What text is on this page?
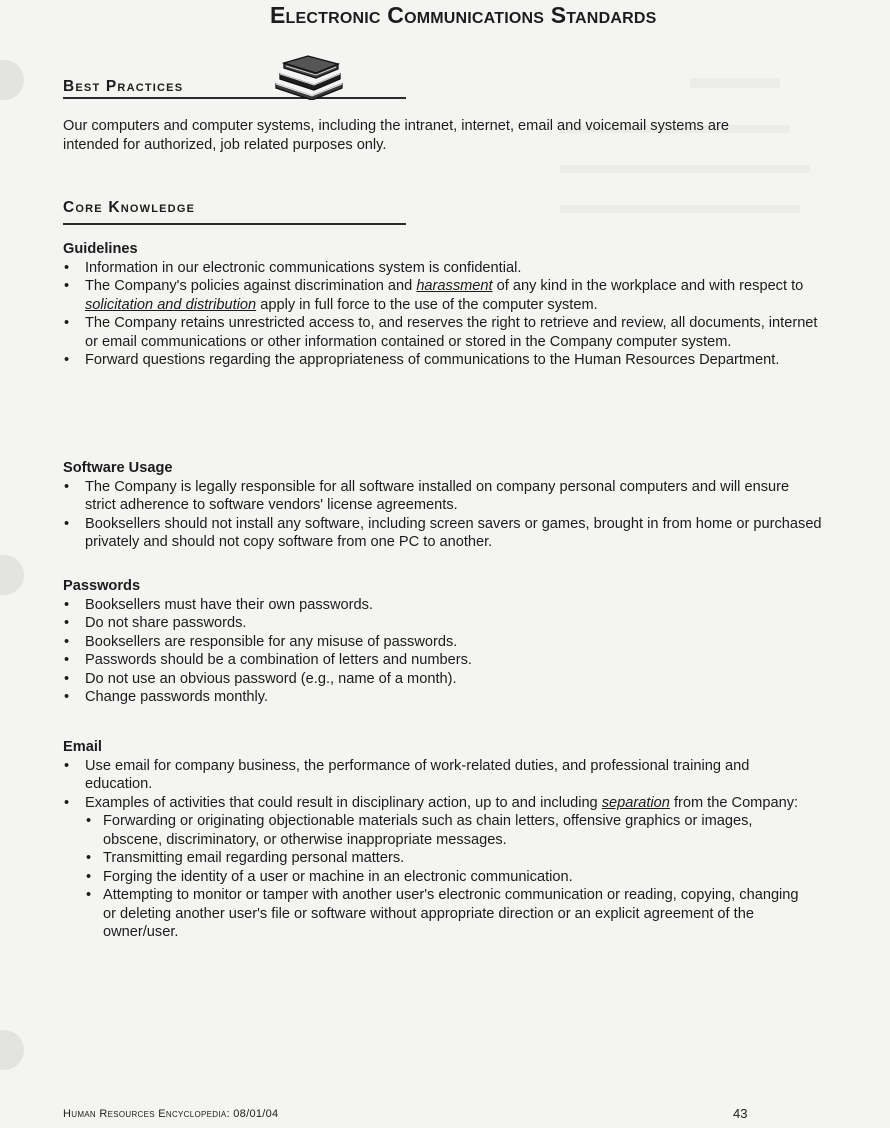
Electronic Communications Standards
Best Practices
Our computers and computer systems, including the intranet, internet, email and voicemail systems are intended for authorized, job related purposes only.
Core Knowledge
Guidelines
• Information in our electronic communications system is confidential.
• The Company's policies against discrimination and harassment of any kind in the workplace and with respect to solicitation and distribution apply in full force to the use of the computer system.
• The Company retains unrestricted access to, and reserves the right to retrieve and review, all documents, internet or email communications or other information contained or stored in the Company computer system.
• Forward questions regarding the appropriateness of communications to the Human Resources Department.
Software Usage
• The Company is legally responsible for all software installed on company personal computers and will ensure strict adherence to software vendors' license agreements.
• Booksellers should not install any software, including screen savers or games, brought in from home or purchased privately and should not copy software from one PC to another.
Passwords
• Booksellers must have their own passwords.
• Do not share passwords.
• Booksellers are responsible for any misuse of passwords.
• Passwords should be a combination of letters and numbers.
• Do not use an obvious password (e.g., name of a month).
• Change passwords monthly.
Email
• Use email for company business, the performance of work-related duties, and professional training and education.
• Examples of activities that could result in disciplinary action, up to and including separation from the Company:
• Forwarding or originating objectionable materials such as chain letters, offensive graphics or images, obscene, discriminatory, or otherwise inappropriate messages.
• Transmitting email regarding personal matters.
• Forging the identity of a user or machine in an electronic communication.
• Attempting to monitor or tamper with another user's electronic communication or reading, copying, changing or deleting another user's file or software without appropriate direction or an explicit agreement of the owner/user.
Human Resources Encyclopedia: 08/01/04	43
